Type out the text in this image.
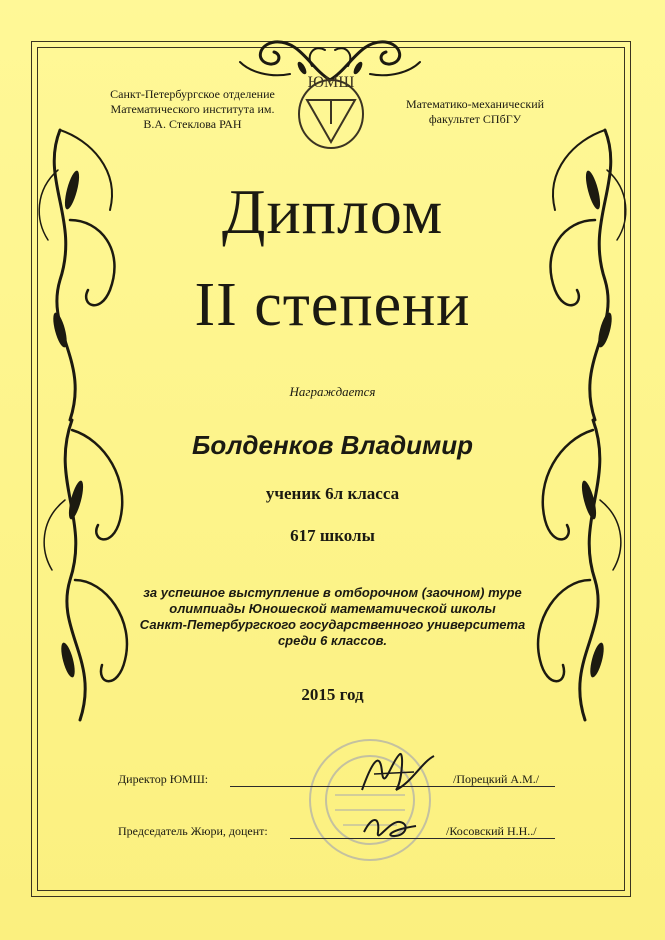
Санкт-Петербургское отделение
Математического института им.
В.А. Стеклова РАН
ЮМШ
Математико-механический
факультет СПбГУ
Диплом
II степени
Награждается
Болденков Владимир
ученик 6л класса
617 школы
за успешное выступление в отборочном (заочном) туре
олимпиады Юношеской математической школы
Санкт-Петербургского государственного университета
среди 6 классов.
2015 год
Директор ЮМШ:	/Порецкий А.М./
Председатель Жюри, доцент:	/Косовский Н.Н../
